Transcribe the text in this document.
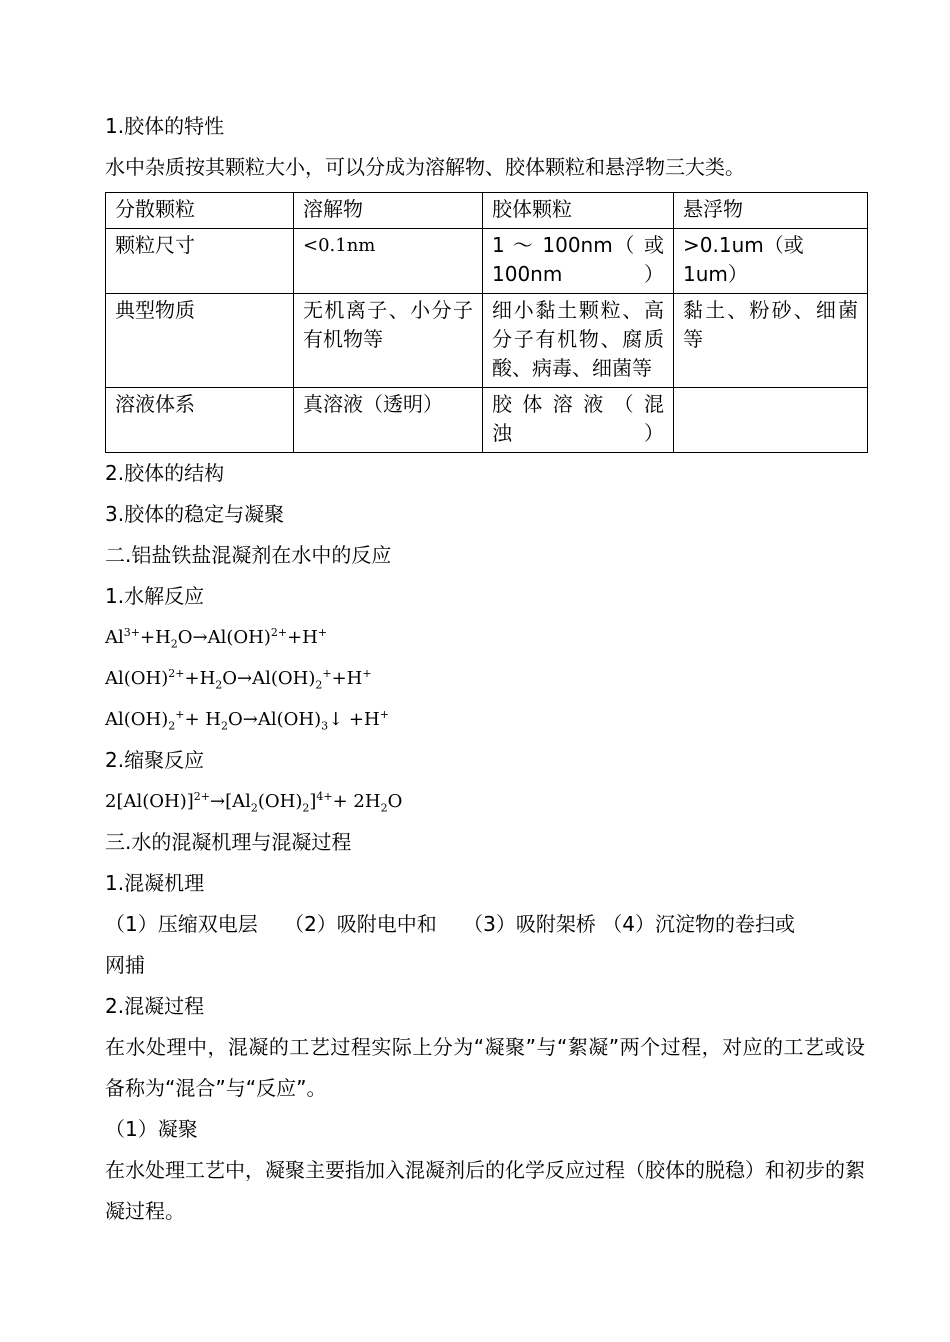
1.胶体的特性
水中杂质按其颗粒大小，可以分成为溶解物、胶体颗粒和悬浮物三大类。
分散颗粒	溶解物	胶体颗粒	悬浮物
颗粒尺寸	<0.1nm	1 ～ 100nm（ 或 100nm）	>0.1um（或 1um）
典型物质	无机离子、小分子有机物等	细小黏土颗粒、高分子有机物、腐质酸、病毒、细菌等	黏土、粉砂、细菌等
溶液体系	真溶液（透明）	胶 体 溶 液 （ 混浊）	
2.胶体的结构
3.胶体的稳定与凝聚
二.铝盐铁盐混凝剂在水中的反应
1.水解反应
$Al^{3+}+H_2O\to Al(OH)^{2+}+H^+$
$Al(OH)^{2+}+H_2O\to Al(OH)_2^++H^+$
$Al(OH)_2^++$ $H_2O\to Al(OH)_3↓ +H^+$
2.缩聚反应
$2[Al(OH)]^{2+}\to[Al_2(OH)_2]^{4+}+ 2H_2O$
三.水的混凝机理与混凝过程
1.混凝机理
（1）压缩双电层　 （2）吸附电中和　 （3）吸附架桥 （4）沉淀物的卷扫或
网捕
2.混凝过程
在水处理中，混凝的工艺过程实际上分为“凝聚”与“絮凝”两个过程，对应的工艺或设备称为“混合”与“反应”。
（1）凝聚
在水处理工艺中，凝聚主要指加入混凝剂后的化学反应过程（胶体的脱稳）和初步的絮凝过程。
